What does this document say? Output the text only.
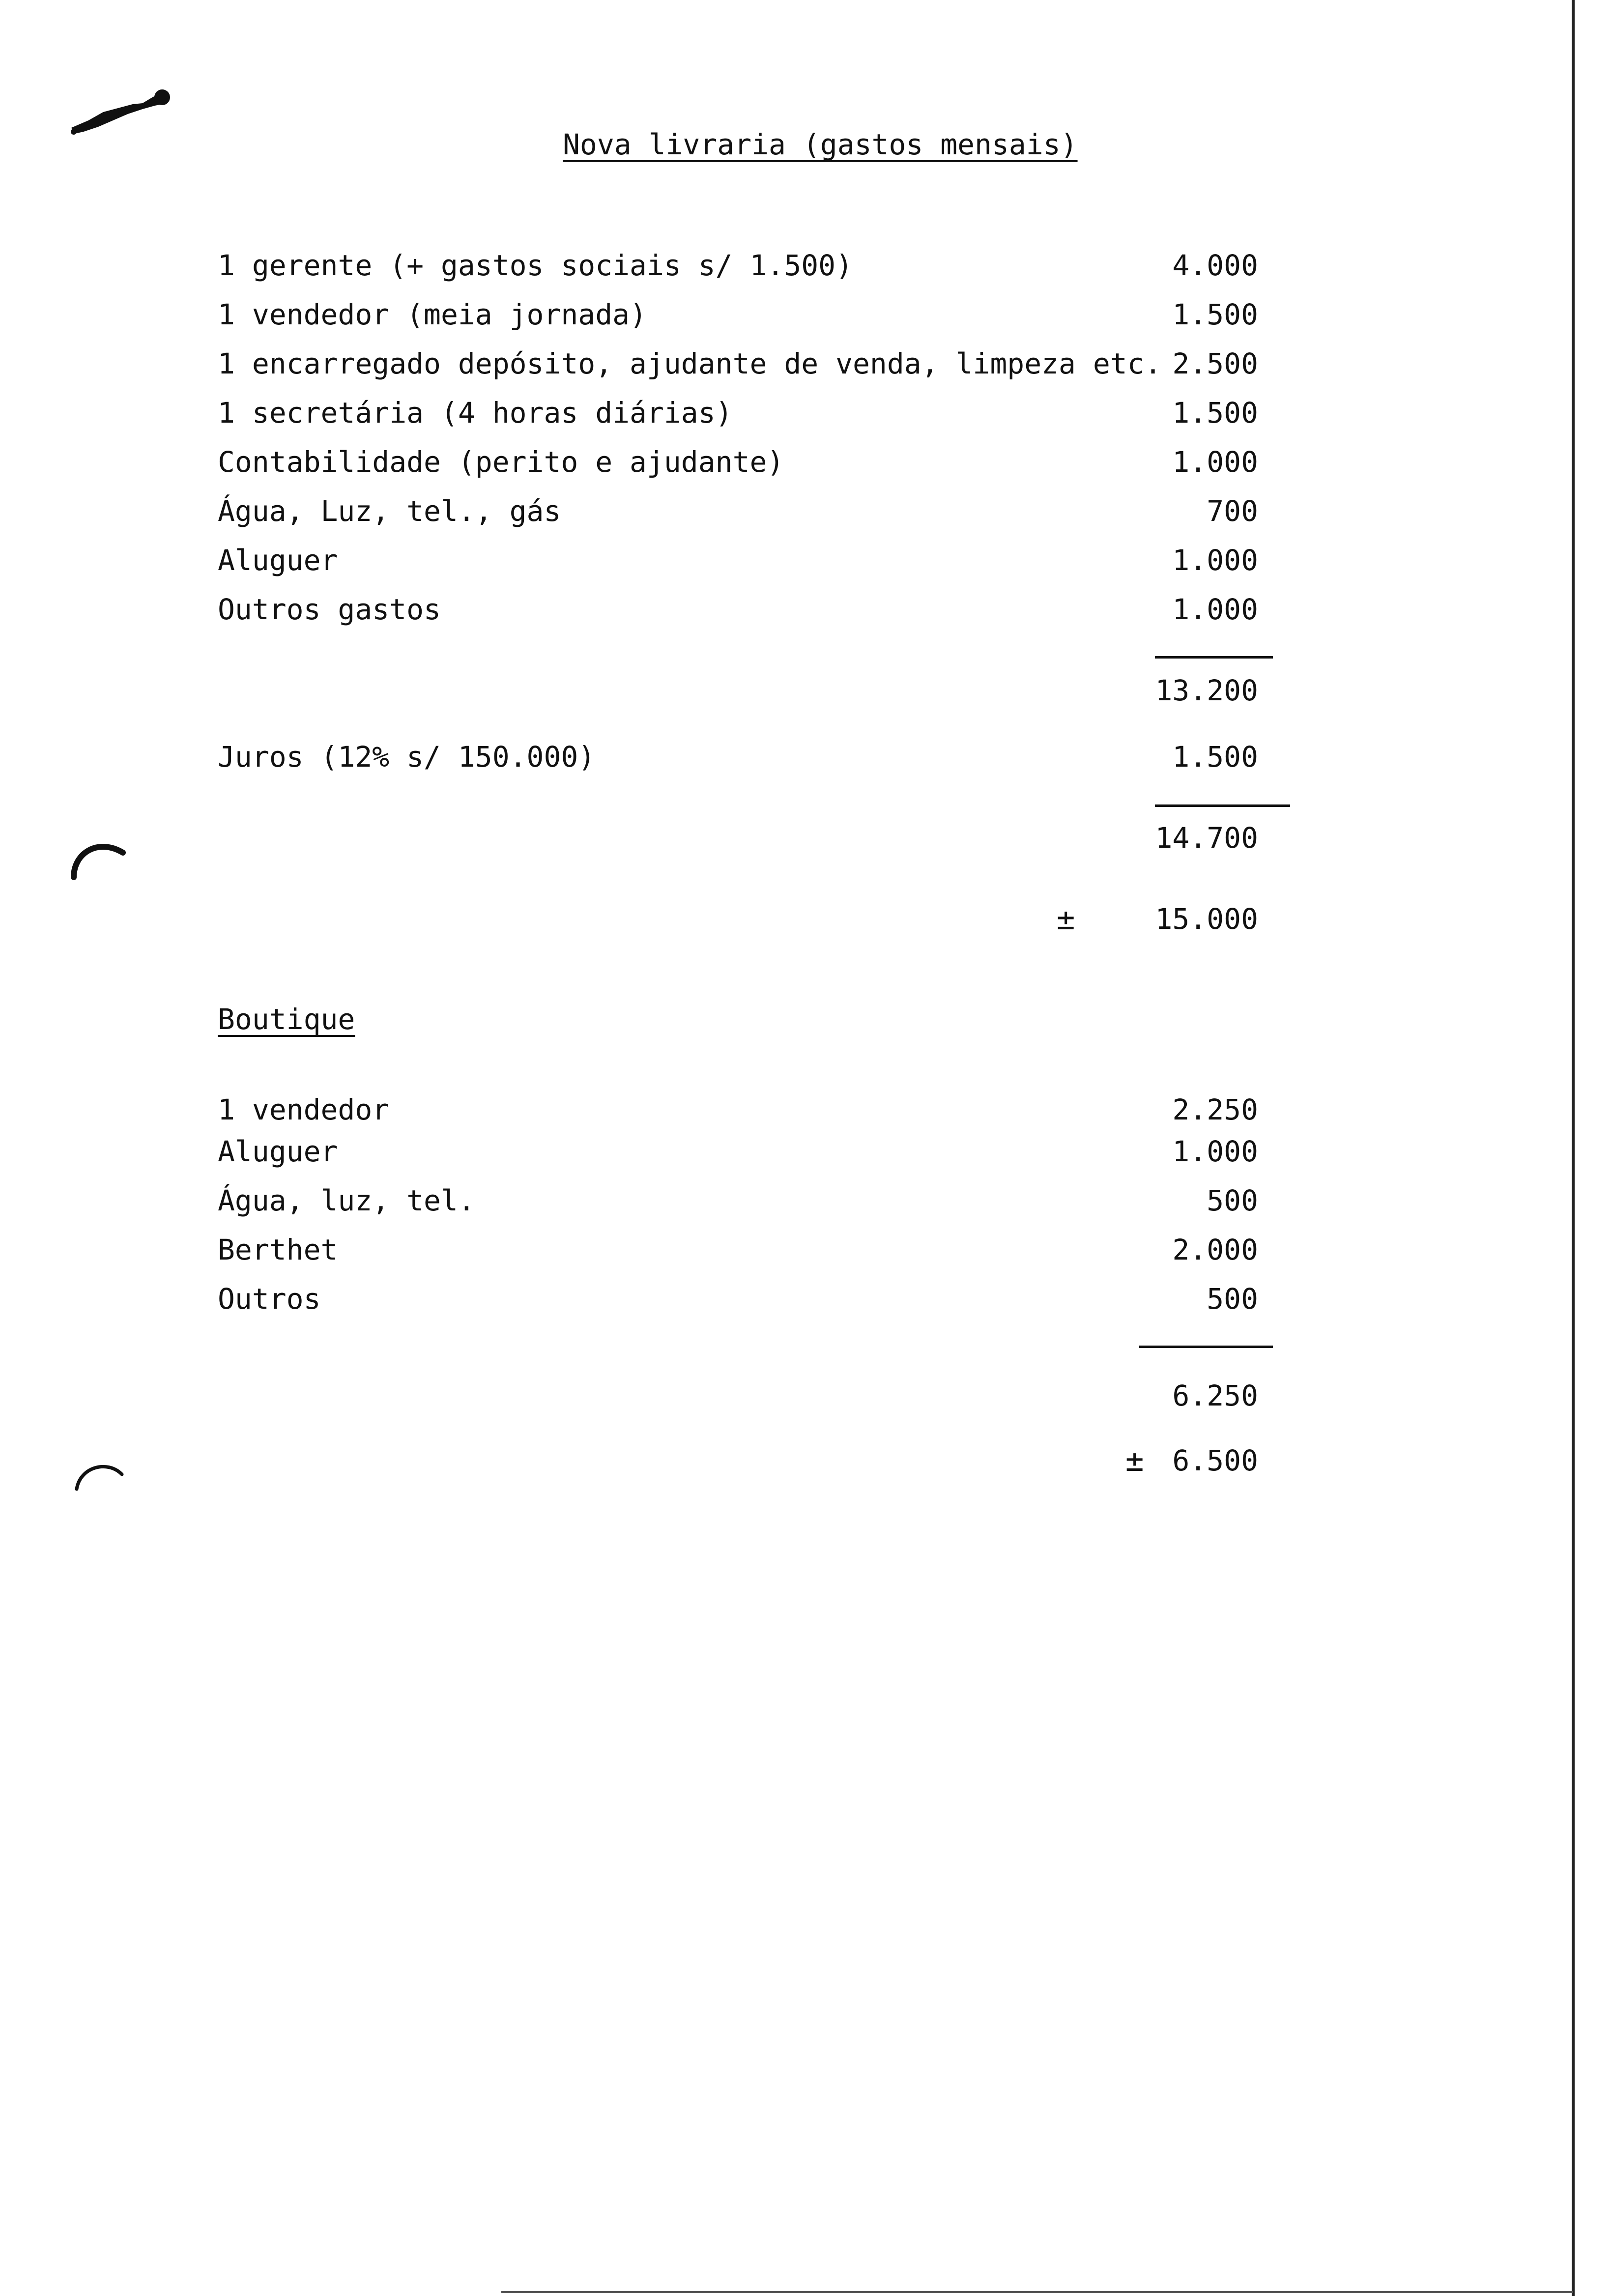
Nova livraria (gastos mensais)
1 gerente (+ gastos sociais s/ 1.500)	4.000
1 vendedor (meia jornada)	1.500
1 encarregado depósito, ajudante de venda, limpeza etc. 2.500
1 secretária (4 horas diárias)	1.500
Contabilidade (perito e ajudante)	1.000
Água, Luz, tel., gás	700
Aluguer	1.000
Outros gastos	1.000
13.200
Juros (12% s/ 150.000)	1.500
14.700
±	15.000
Boutique
1 vendedor	2.250
Aluguer	1.000
Água, luz, tel.	500
Berthet	2.000
Outros	500
6.250
± 6.500
